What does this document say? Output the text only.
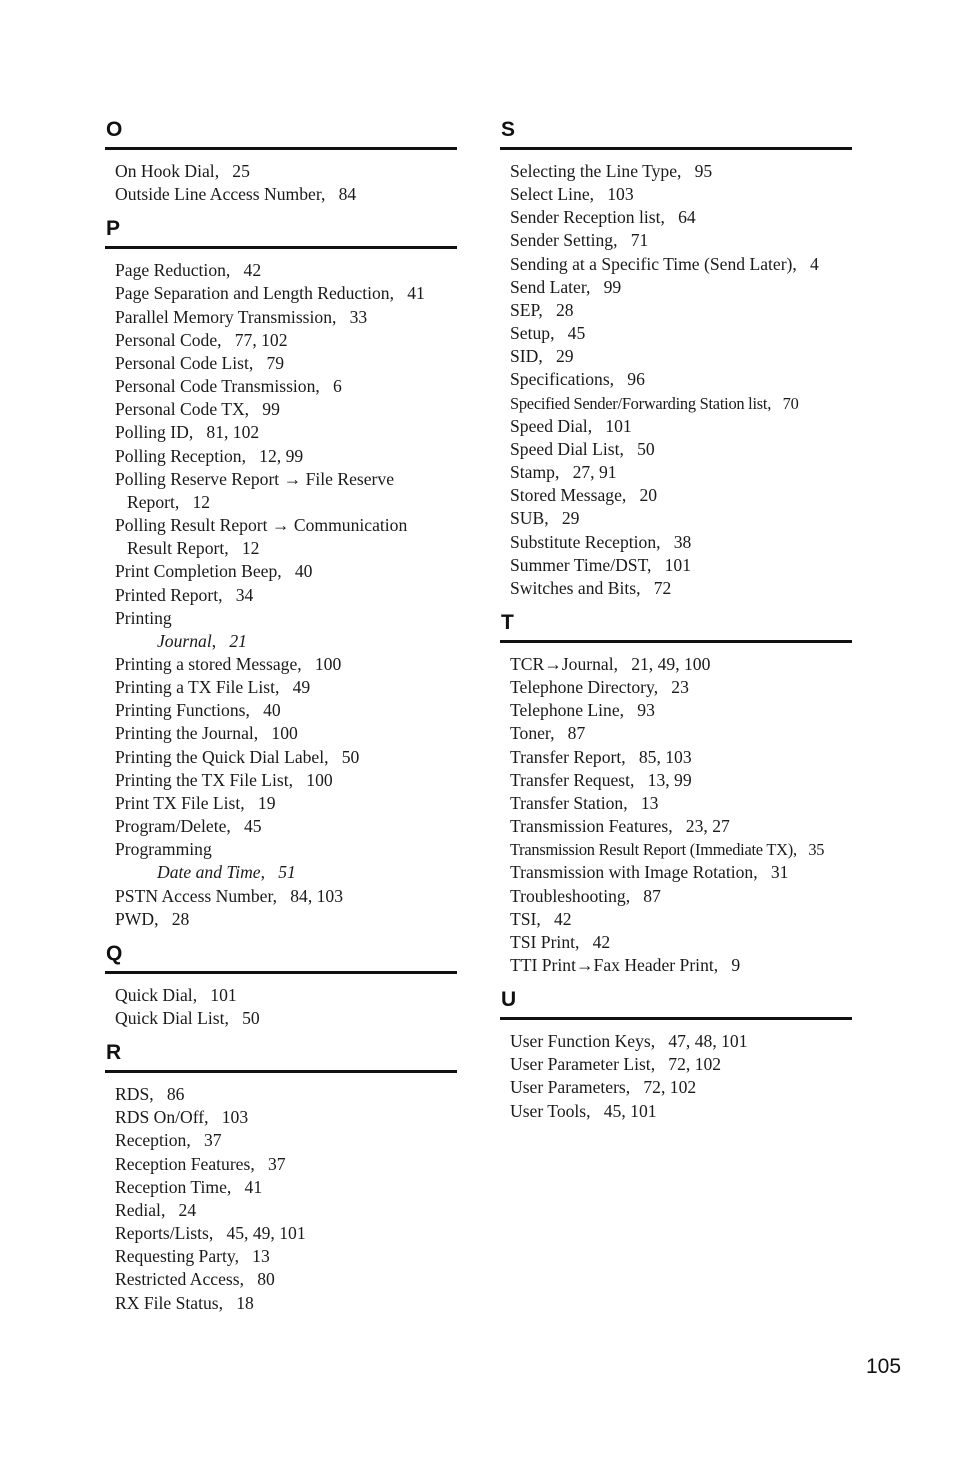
O
On Hook Dial ,   25
Outside Line Access Number ,   84
P
Page Reduction ,   42
Page Separation and Length Reduction ,   41
Parallel Memory Transmission ,   33
Personal Code ,   77, 102
Personal Code List ,   79
Personal Code Transmission ,   6
Personal Code TX ,   99
Polling ID ,   81, 102
Polling Reception ,   12, 99
Polling Reserve Report → File Reserve
Report ,   12
Polling Result Report → Communication
Result Report ,   12
Print Completion Beep ,   40
Printed Report ,   34
Printing
Journal ,   21
Printing a stored Message ,   100
Printing a TX File List ,   49
Printing Functions ,   40
Printing the Journal ,   100
Printing the Quick Dial Label ,   50
Printing the TX File List ,   100
Print TX File List ,   19
Program/Delete ,   45
Programming
Date and Time ,   51
PSTN Access Number ,   84, 103
PWD ,   28
Q
Quick Dial ,   101
Quick Dial List ,   50
R
RDS ,   86
RDS On/Off ,   103
Reception ,   37
Reception Features ,   37
Reception Time ,   41
Redial ,   24
Reports/Lists ,   45, 49, 101
Requesting Party ,   13
Restricted Access ,   80
RX File Status ,   18
S
Selecting the Line Type ,   95
Select Line ,   103
Sender Reception list ,   64
Sender Setting ,   71
Sending at a Specific Time (Send Later) ,   4
Send Later ,   99
SEP ,   28
Setup ,   45
SID ,   29
Specifications ,   96
Specified Sender/Forwarding Station list ,   70
Speed Dial ,   101
Speed Dial List ,   50
Stamp ,   27, 91
Stored Message ,   20
SUB ,   29
Substitute Reception ,   38
Summer Time/DST ,   101
Switches and Bits ,   72
T
TCR→Journal ,   21, 49, 100
Telephone Directory ,   23
Telephone Line ,   93
Toner ,   87
Transfer Report ,   85, 103
Transfer Request ,   13, 99
Transfer Station ,   13
Transmission Features ,   23, 27
Transmission Result Report (Immediate TX) ,   35
Transmission with Image Rotation ,   31
Troubleshooting ,   87
TSI ,   42
TSI Print ,   42
TTI Print→Fax Header Print ,   9
U
User Function Keys ,   47, 48, 101
User Parameter List ,   72, 102
User Parameters ,   72, 102
User Tools ,   45, 101
105
